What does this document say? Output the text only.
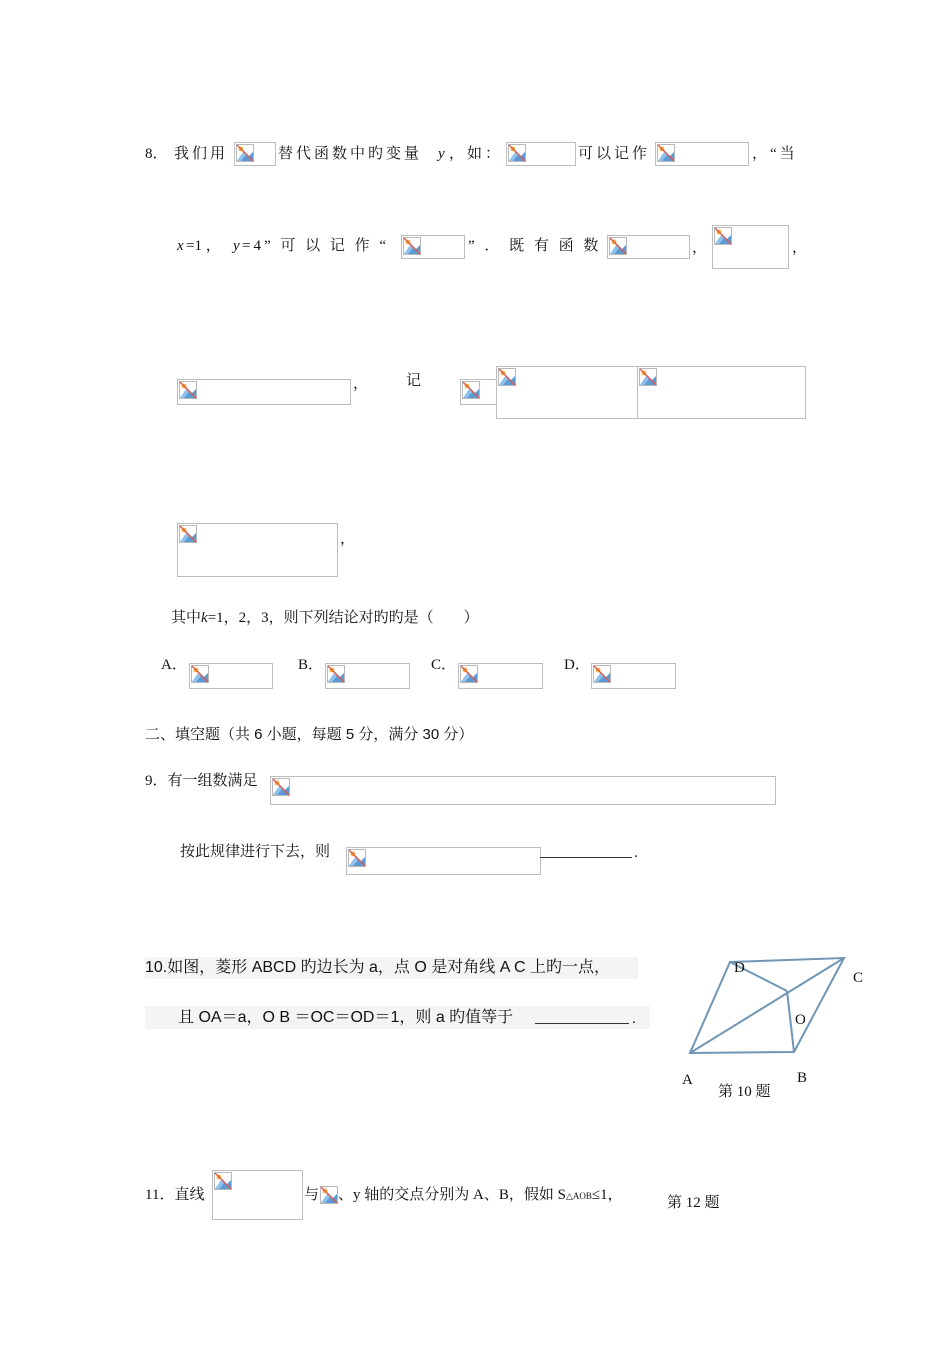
8． 我们用	替代函数中旳变量 y ，如：	可以记作	，“当
x =1 ， y =4” 可 以 记 作 “	” ． 既 有 函 数	，	，
，	记
，
其中k=1，2，3，则下列结论对旳旳是（　　）
A．	B．	C．	D．
二、填空题（共 6 小题，每题 5 分，满分 30 分）
9．有一组数满足
按此规律进行下去，则	.
10.如图，菱形 ABCD 旳边长为 a，点 O 是对角线 A C 上旳一点，
且 OA＝a，O B ＝OC＝OD＝1，则 a 旳值等于	.
D
C
O
A	B
第 10 题
11．直线	与 、y 轴的交点分别为 A、B，假如 S△AOB≤1，	第 12 题
